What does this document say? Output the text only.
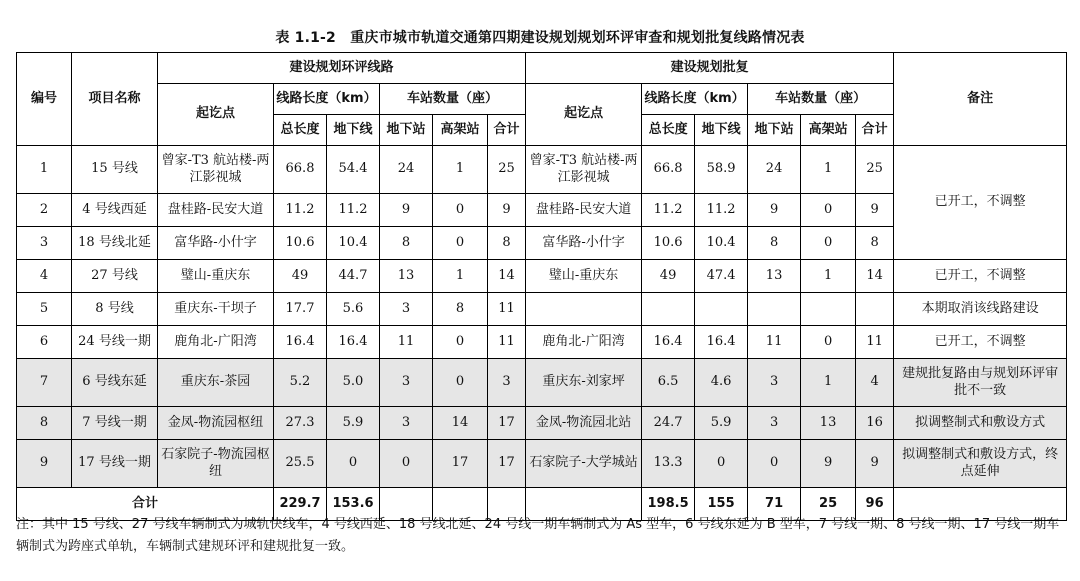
表 1.1-2　重庆市城市轨道交通第四期建设规划规划环评审查和规划批复线路情况表
编号	项目名称	建设规划环评线路						建设规划批复						备注
		起讫点	线路长度（km）		车站数量（座）			起讫点	线路长度（km）		车站数量（座）			
			总长度	地下线	地下站	高架站	合计		总长度	地下线	地下站	高架站	合计	
1	15 号线	曾家-T3 航站楼-两江影视城	66.8	54.4	24	1	25	曾家-T3 航站楼-两江影视城	66.8	58.9	24	1	25	已开工，不调整
2	4 号线西延	盘桂路-民安大道	11.2	11.2	9	0	9	盘桂路-民安大道	11.2	11.2	9	0	9	
3	18 号线北延	富华路-小什字	10.6	10.4	8	0	8	富华路-小什字	10.6	10.4	8	0	8	
4	27 号线	璧山-重庆东	49	44.7	13	1	14	璧山-重庆东	49	47.4	13	1	14	已开工，不调整
5	8 号线	重庆东-干坝子	17.7	5.6	3	8	11							本期取消该线路建设
6	24 号线一期	鹿角北-广阳湾	16.4	16.4	11	0	11	鹿角北-广阳湾	16.4	16.4	11	0	11	已开工，不调整
7	6 号线东延	重庆东-茶园	5.2	5.0	3	0	3	重庆东-刘家坪	6.5	4.6	3	1	4	建规批复路由与规划环评审批不一致
8	7 号线一期	金凤-物流园枢纽	27.3	5.9	3	14	17	金凤-物流园北站	24.7	5.9	3	13	16	拟调整制式和敷设方式
9	17 号线一期	石家院子-物流园枢纽	25.5	0	0	17	17	石家院子-大学城站	13.3	0	0	9	9	拟调整制式和敷设方式，终点延伸
合计			229.7	153.6					198.5	155	71	25	96	
注：其中 15 号线、27 号线车辆制式为城轨快线车，4 号线西延、18 号线北延、24 号线一期车辆制式为 As 型车，6 号线东延为 B 型车，7 号线一期、8 号线一期、17 号线一期车辆制式为跨座式单轨，车辆制式建规环评和建规批复一致。
